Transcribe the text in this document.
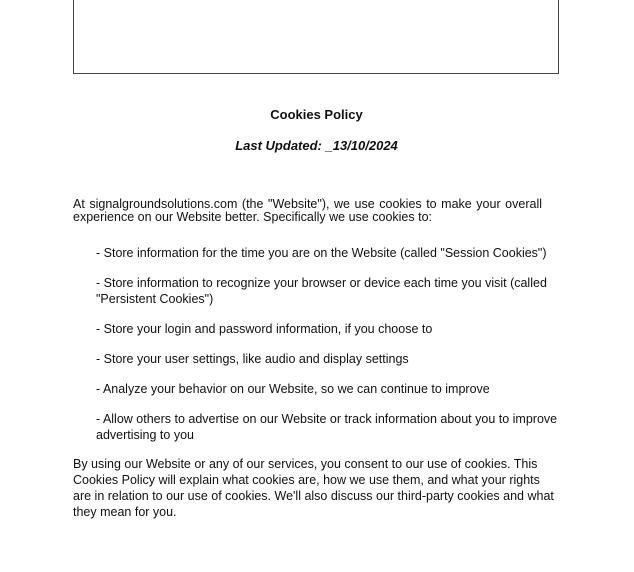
Cookies Policy

Last Updated: _13/10/2024

At signalgroundsolutions.com (the "Website"), we use cookies to make your overall experience on our Website better. Specifically we use cookies to:

- Store information for the time you are on the Website (called "Session Cookies")
- Store information to recognize your browser or device each time you visit (called "Persistent Cookies")
- Store your login and password information, if you choose to
- Store your user settings, like audio and display settings
- Analyze your behavior on our Website, so we can continue to improve
- Allow others to advertise on our Website or track information about you to improve advertising to you

By using our Website or any of our services, you consent to our use of cookies. This Cookies Policy will explain what cookies are, how we use them, and what your rights are in relation to our use of cookies. We'll also discuss our third-party cookies and what they mean for you.
